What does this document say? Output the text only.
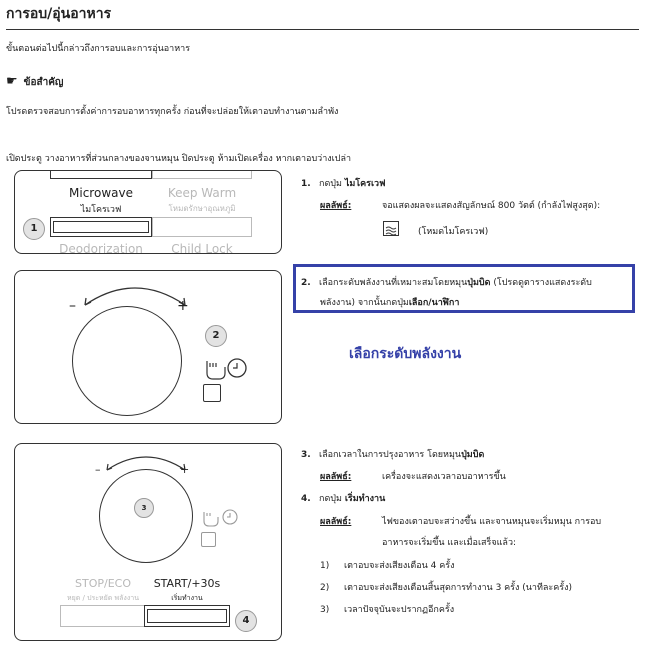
การอบ/อุ่นอาหาร
ขั้นตอนต่อไปนี้กล่าวถึงการอบและการอุ่นอาหาร
☛ ข้อสำคัญ
โปรดตรวจสอบการตั้งค่าการอบอาหารทุกครั้ง ก่อนที่จะปล่อยให้เตาอบทำงานตามลำพัง
เปิดประตู วางอาหารที่ส่วนกลางของจานหมุน ปิดประตู ห้ามเปิดเครื่อง หากเตาอบว่างเปล่า
Microwave
ไมโครเวฟ
Keep Warm
โหมดรักษาอุณหภูมิ
Deodorization	Child Lock
1
–	+
2
–	+
3
STOP/ECO
หยุด / ประหยัด พลังงาน
START/+30s
เริ่มทำงาน
4
1. กดปุ่ม ไมโครเวฟ
ผลลัพธ์:	จอแสดงผลจะแสดงสัญลักษณ์ 800 วัตต์ (กำลังไฟสูงสุด):
(โหมดไมโครเวฟ)
2. เลือกระดับพลังงานที่เหมาะสมโดยหมุนปุ่มบิด (โปรดดูตารางแสดงระดับ
พลังงาน) จากนั้นกดปุ่มเลือก/นาฬิกา
เลือกระดับพลังงาน
3. เลือกเวลาในการปรุงอาหาร โดยหมุนปุ่มบิด
ผลลัพธ์:	เครื่องจะแสดงเวลาอบอาหารขึ้น
4. กดปุ่ม เริ่มทำงาน
ผลลัพธ์:	ไฟของเตาอบจะสว่างขึ้น และจานหมุนจะเริ่มหมุน การอบ
อาหารจะเริ่มขึ้น และเมื่อเสร็จแล้ว:
1) เตาอบจะส่งเสียงเตือน 4 ครั้ง
2) เตาอบจะส่งเสียงเตือนสิ้นสุดการทำงาน 3 ครั้ง (นาทีละครั้ง)
3) เวลาปัจจุบันจะปรากฏอีกครั้ง
